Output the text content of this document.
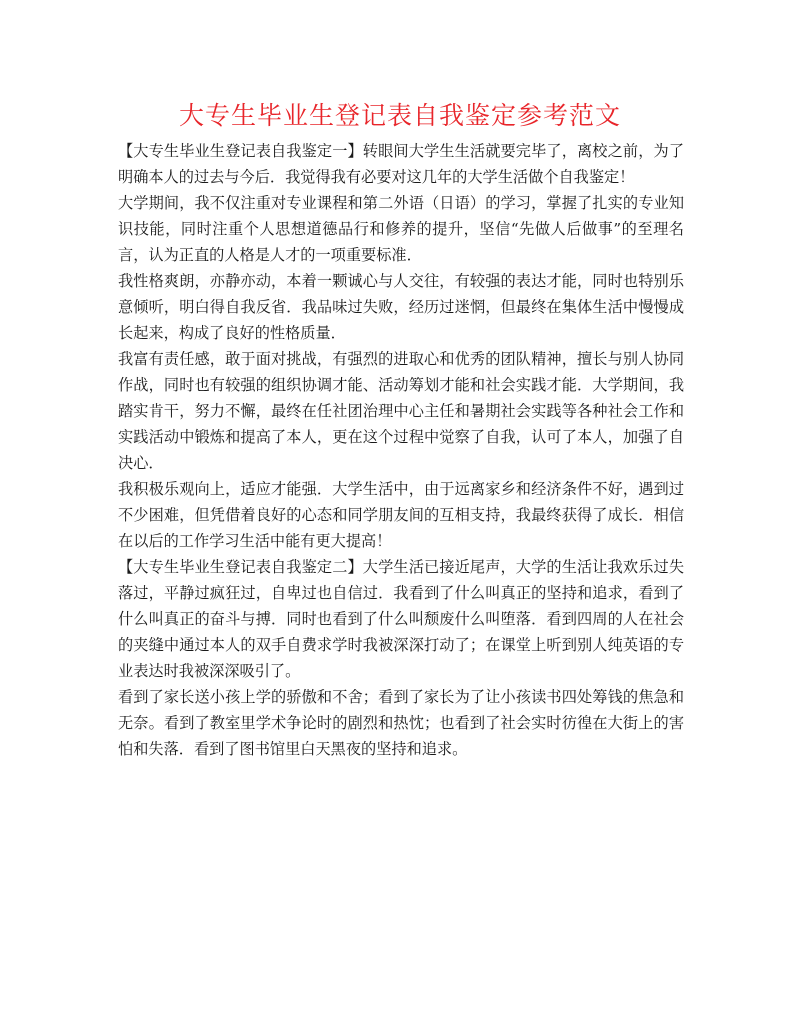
大专生毕业生登记表自我鉴定参考范文

【大专生毕业生登记表自我鉴定一】转眼间大学生生活就要完毕了，离校之前，为了明确本人的过去与今后．我觉得我有必要对这几年的大学生活做个自我鉴定！

大学期间，我不仅注重对专业课程和第二外语（日语）的学习，掌握了扎实的专业知识技能，同时注重个人思想道德品行和修养的提升，坚信“先做人后做事”的至理名言，认为正直的人格是人才的一项重要标准．

我性格爽朗，亦静亦动，本着一颗诚心与人交往，有较强的表达才能，同时也特别乐意倾听，明白得自我反省．我品味过失败，经历过迷惘，但最终在集体生活中慢慢成长起来，构成了良好的性格质量．

我富有责任感，敢于面对挑战，有强烈的进取心和优秀的团队精神，擅长与别人协同作战，同时也有较强的组织协调才能、活动筹划才能和社会实践才能．大学期间，我踏实肯干，努力不懈，最终在任社团治理中心主任和暑期社会实践等各种社会工作和实践活动中锻炼和提高了本人，更在这个过程中觉察了自我，认可了本人，加强了自决心．

我积极乐观向上，适应才能强．大学生活中，由于远离家乡和经济条件不好，遇到过不少困难，但凭借着良好的心态和同学朋友间的互相支持，我最终获得了成长．相信在以后的工作学习生活中能有更大提高！

【大专生毕业生登记表自我鉴定二】大学生活已接近尾声，大学的生活让我欢乐过失落过，平静过疯狂过，自卑过也自信过．我看到了什么叫真正的坚持和追求，看到了什么叫真正的奋斗与搏．同时也看到了什么叫颓废什么叫堕落．看到四周的人在社会的夹缝中通过本人的双手自费求学时我被深深打动了；在课堂上听到别人纯英语的专业表达时我被深深吸引了。

看到了家长送小孩上学的骄傲和不舍；看到了家长为了让小孩读书四处筹钱的焦急和无奈。看到了教室里学术争论时的剧烈和热忱；也看到了社会实时彷徨在大街上的害怕和失落．看到了图书馆里白天黑夜的坚持和追求。
